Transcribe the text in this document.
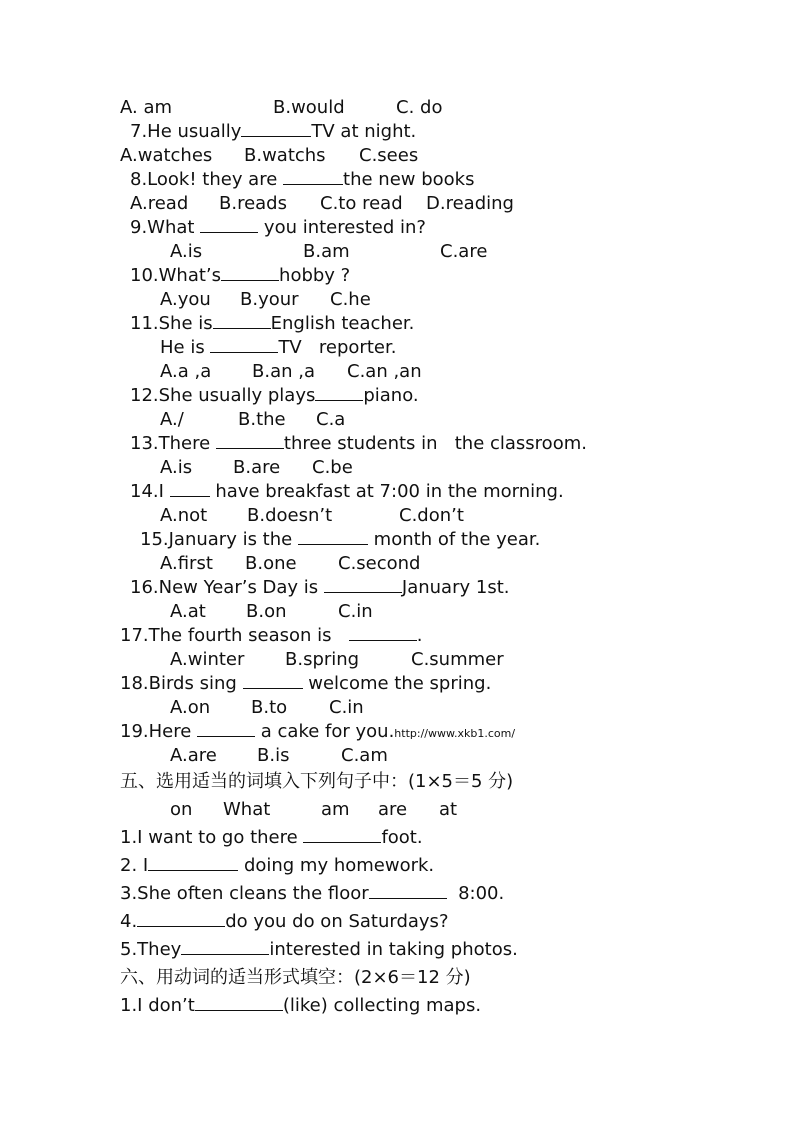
A. am	B.would	C. do
7.He usually	TV at night.
A.watches B.watchs C.sees
8.Look! they are	the new books
A.read B.reads C.to read D.reading
9.What	you interested in?
A.is	B.am	C.are
10.What’s	hobby ?
A.you B.your C.he
11.She is	English teacher.
He is	TV   reporter.
A.a ,a B.an ,a C.an ,an
12.She usually plays	piano.
A./	B.the C.a
13.There	three students in   the classroom.
A.is B.are C.be
14.I  have breakfast at 7:00 in the morning.
A.not B.doesn’t	C.don’t
15.January is the	month of the year.
A.first B.one C.second
16.New Year’s Day is	January 1st.
A.at B.on	C.in
17.The fourth season is	.
A.winter B.spring	C.summer
18.Birds sing	welcome the spring.
A.on B.to C.in
19.Here	a cake for you.http://www.xkb1.com/
A.are B.is	C.am
五、选用适当的词填入下列句子中：(1×5＝5 分)
on What	am are at
1.I want to go there	foot.
2. I	doing my homework.
3.She often cleans the floor	8:00.
4.	do you do on Saturdays?
5.They	interested in taking photos.
六、用动词的适当形式填空：(2×6＝12 分)
1.I don’t	(like) collecting maps.
